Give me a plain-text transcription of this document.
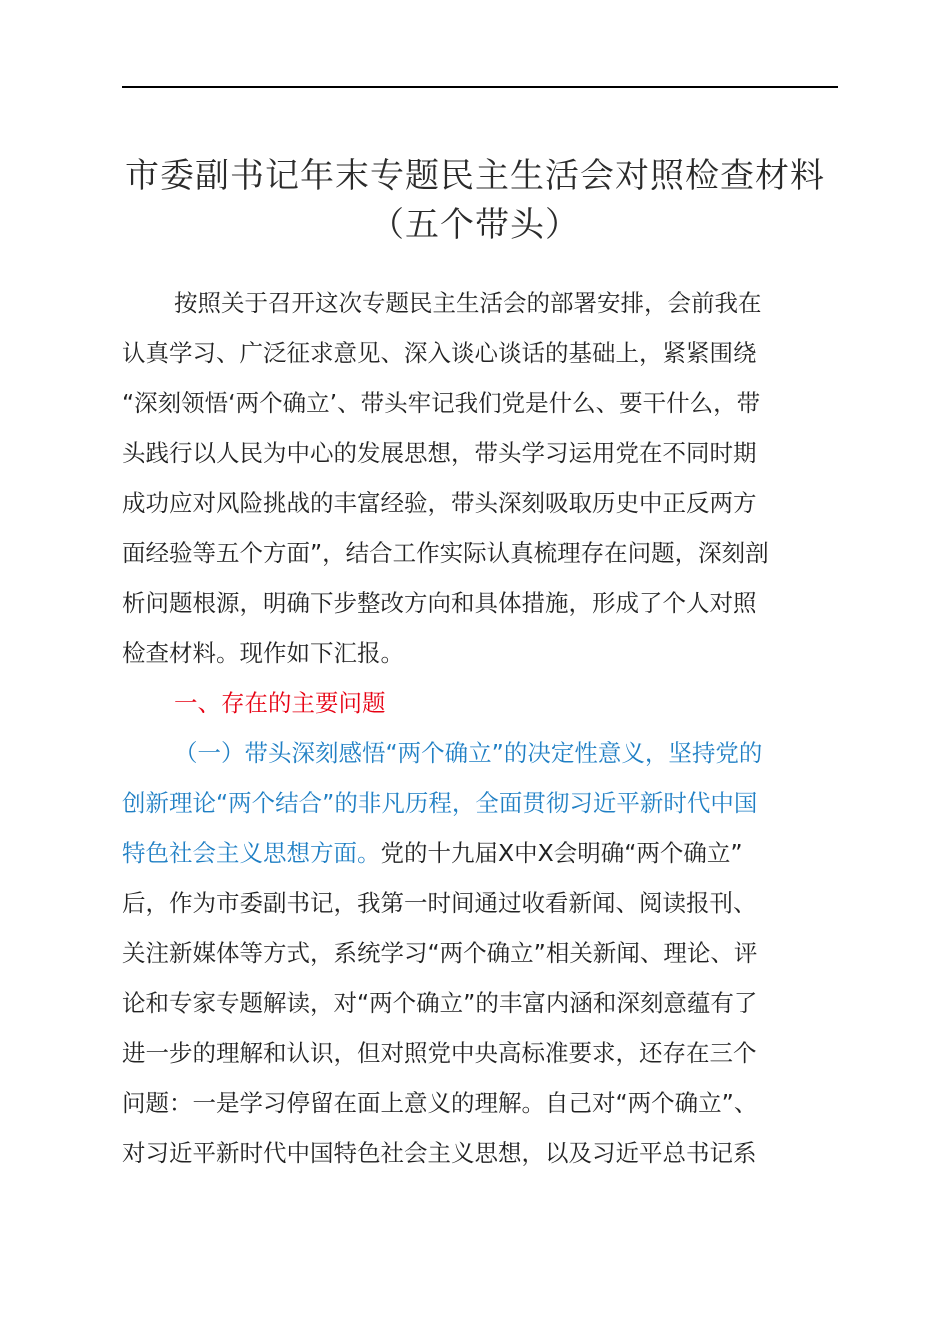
市委副书记年末专题民主生活会对照检查材料
（五个带头）
按照关于召开这次专题民主生活会的部署安排，会前我在
认真学习、广泛征求意见、深入谈心谈话的基础上，紧紧围绕
“深刻领悟‘两个确立’、带头牢记我们党是什么、要干什么，带
头践行以人民为中心的发展思想，带头学习运用党在不同时期
成功应对风险挑战的丰富经验，带头深刻吸取历史中正反两方
面经验等五个方面”，结合工作实际认真梳理存在问题，深刻剖
析问题根源，明确下步整改方向和具体措施，形成了个人对照
检查材料。现作如下汇报。
一、存在的主要问题
（一）带头深刻感悟“两个确立”的决定性意义，坚持党的
创新理论“两个结合”的非凡历程，全面贯彻习近平新时代中国
特色社会主义思想方面。党的十九届X中X会明确“两个确立”
后，作为市委副书记，我第一时间通过收看新闻、阅读报刊、
关注新媒体等方式，系统学习“两个确立”相关新闻、理论、评
论和专家专题解读，对“两个确立”的丰富内涵和深刻意蕴有了
进一步的理解和认识，但对照党中央高标准要求，还存在三个
问题：一是学习停留在面上意义的理解。自己对“两个确立”、
对习近平新时代中国特色社会主义思想，以及习近平总书记系
